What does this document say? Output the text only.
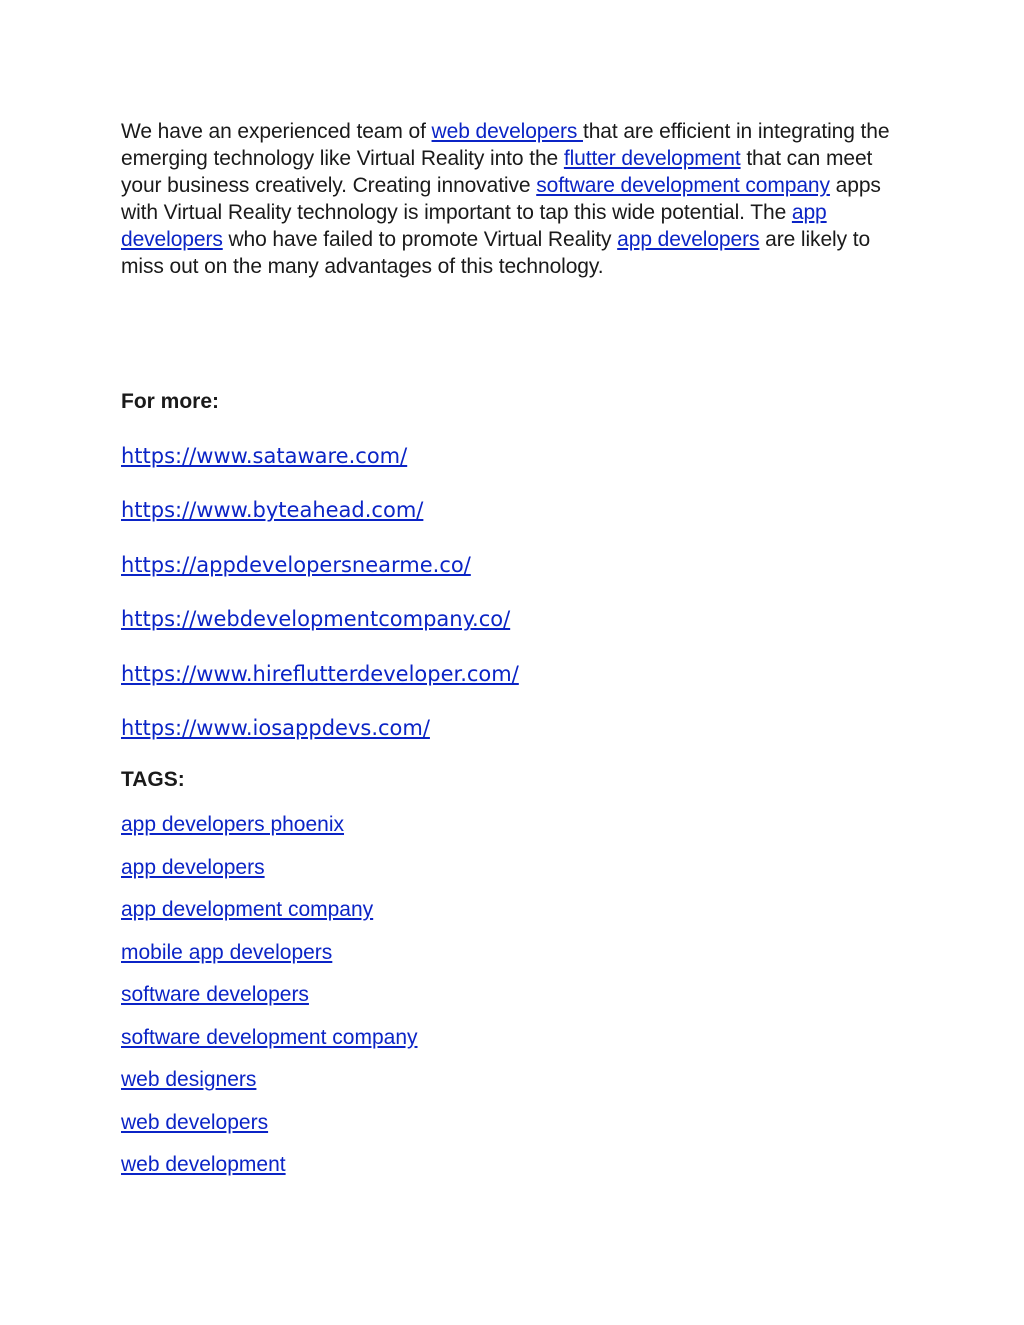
We have an experienced team of web developers that are efficient in integrating the emerging technology like Virtual Reality into the flutter development that can meet your business creatively. Creating innovative software development company apps with Virtual Reality technology is important to tap this wide potential. The app developers who have failed to promote Virtual Reality app developers are likely to miss out on the many advantages of this technology.

For more:

https://www.sataware.com/
https://www.byteahead.com/
https://appdevelopersnearme.co/
https://webdevelopmentcompany.co/
https://www.hireflutterdeveloper.com/
https://www.iosappdevs.com/

TAGS:

app developers phoenix
app developers
app development company
mobile app developers
software developers
software development company
web designers
web developers
web development
